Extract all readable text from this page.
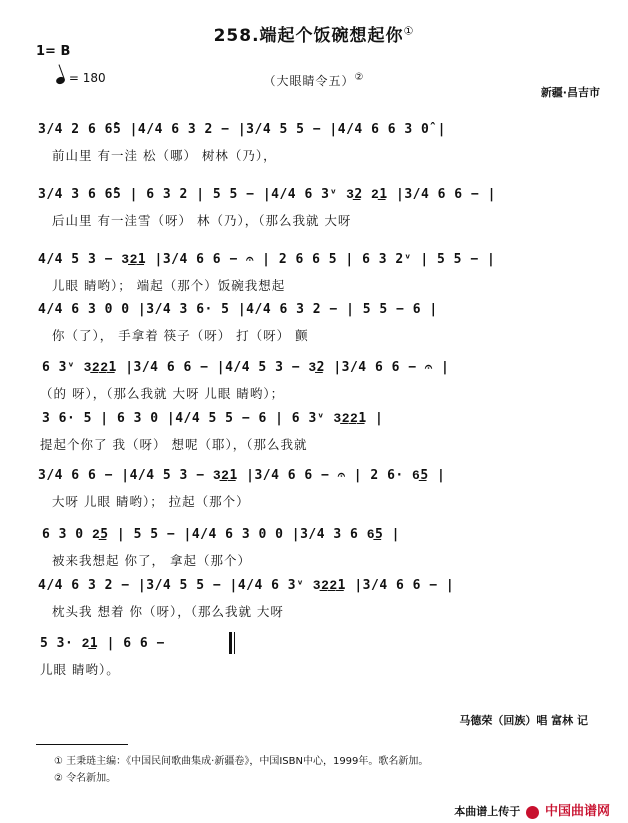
258.端起个饭碗想起你①
1= B
= 180	（大眼睛令五）②
新疆·昌吉市
3/4 2 6 6̂5 |4/4 6 3 2 − |3/4 5 5 − |4/4 6 6 3 0̂ |
前山里 有一洼 松（哪） 树林（乃），
3/4 3 6 6̂5 | 6 3 2 | 5 5 − |4/4 6 3ᵛ 3͟2 2͟1 |3/4 6 6 − |
后山里 有一洼雪（呀） 林（乃），（那么我就 大呀
4/4 5 3 − 3͟2͟1 |3/4 6 6 − 𝄐 | 2 6 6 5 | 6 3 2ᵛ | 5 5 − |
儿眼 睛哟）； 端起（那个）饭碗我想起
4/4 6 3 0 0 |3/4 3 6· 5 |4/4 6 3 2 − | 5 5 − 6 |
你（了）， 手拿着 筷子（呀） 打（呀） 颤
6 3ᵛ 3͟2͟2͟1 |3/4 6 6 − |4/4 5 3 − 3͟2 |3/4 6 6 − 𝄐 |
（的 呀），（那么我就 大呀 儿眼 睛哟）；
3 6· 5 | 6 3 0 |4/4 5 5 − 6 | 6 3ᵛ 3͟2͟2͟1 |
提起个你了 我（呀） 想呢（耶），（那么我就
3/4 6 6 − |4/4 5 3 − 3͟2͟1 |3/4 6 6 − 𝄐 | 2 6· 6͟5 |
大呀 儿眼 睛哟）； 拉起（那个）
6 3 0 2͟5 | 5 5 − |4/4 6 3 0 0 |3/4 3 6 6͟5 |
被来我想起 你了， 拿起（那个）
4/4 6 3 2 − |3/4 5 5 − |4/4 6 3ᵛ 3͟2͟2͟1 |3/4 6 6 − |
枕头我 想着 你（呀），（那么我就 大呀
5 3· 2͟1 | 6 6 −
儿眼 睛哟）。
马德荣（回族）唱 富林 记
① 王秉琏主编：《中国民间歌曲集成·新疆卷》，中国ISBN中心，1999年。歌名新加。
② 令名新加。
本曲谱上传于 中国曲谱网
